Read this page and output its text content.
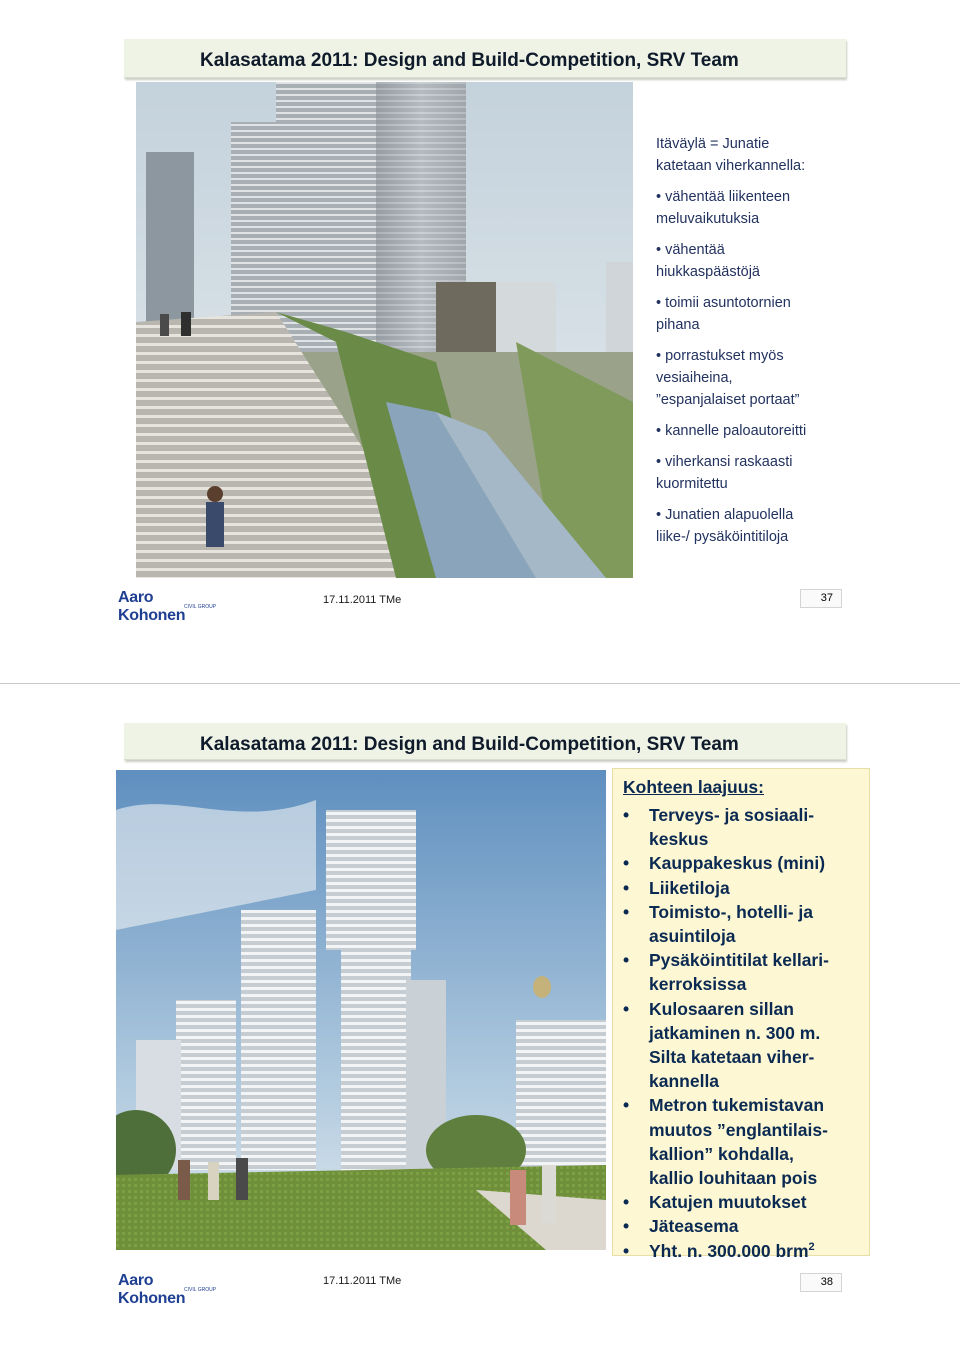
Kalasatama 2011: Design and Build-Competition, SRV Team
Itäväylä = Junatie
katetaan viherkannella:
• vähentää liikenteen
meluvaikutuksia
• vähentää
hiukkaspäästöjä
• toimii asuntotornien
pihana
• porrastukset myös
vesiaiheina,
”espanjalaiset portaat”
• kannelle paloautoreitti
• viherkansi raskaasti
kuormitettu
• Junatien alapuolella
liike-/ pysäköintitiloja
Aaro Kohonen
CIVIL GROUP
17.11.2011 TMe	37
Kalasatama 2011: Design and Build-Competition, SRV Team
Kohteen laajuus:
• Terveys- ja sosiaali-
keskus
• Kauppakeskus (mini)
• Liiketiloja
• Toimisto-, hotelli- ja
asuintiloja
• Pysäköintitilat kellari-
kerroksissa
• Kulosaaren sillan
jatkaminen n. 300 m.
Silta katetaan viher-
kannella
• Metron tukemistavan
muutos ”englantilais-
kallion” kohdalla,
kallio louhitaan pois
• Katujen muutokset
• Jäteasema
• Yht. n. 300.000 brm$^2$
Aaro Kohonen
CIVIL GROUP
17.11.2011 TMe	38
